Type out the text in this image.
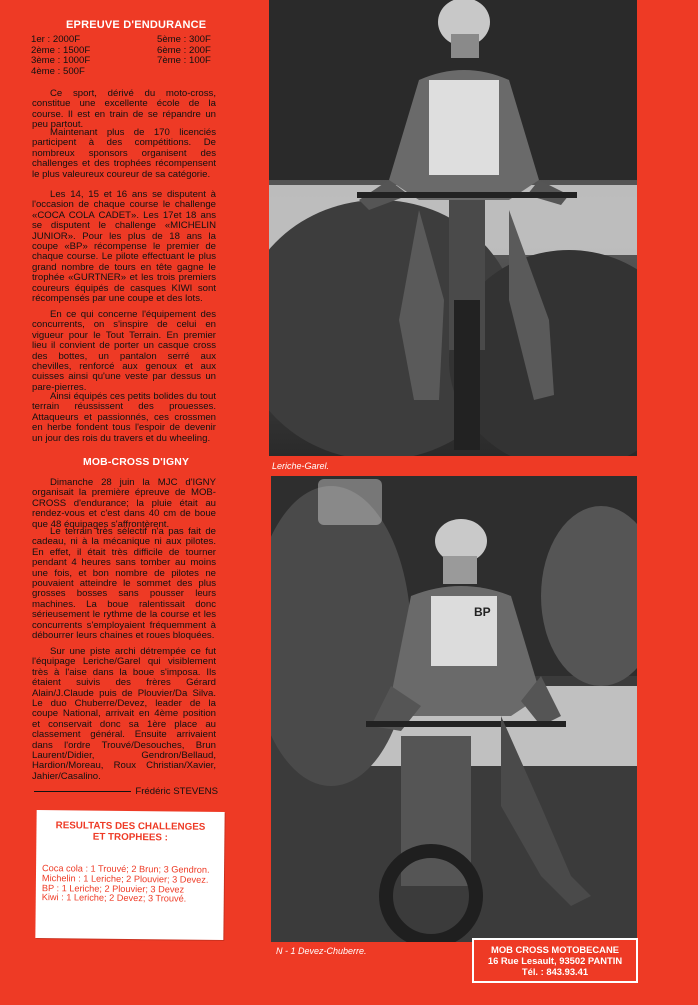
EPREUVE D'ENDURANCE
1er : 2000F
2ème : 1500F
3ème : 1000F
4ème : 500F
5ème : 300F
6ème : 200F
7ème : 100F

Ce sport, dérivé du moto-cross, constitue une excellente école de la course. Il est en train de se répandre un peu partout.

Maintenant plus de 170 licenciés participent à des compétitions. De nombreux sponsors organisent des challenges et des trophées récompensent le plus valeureux coureur de sa catégorie.

Les 14, 15 et 16 ans se disputent à l'occasion de chaque course le challenge «COCA COLA CADET». Les 17et 18 ans se disputent le challenge «MICHELIN JUNIOR». Pour les plus de 18 ans la coupe «BP» récompense le premier de chaque course. Le pilote effectuant le plus grand nombre de tours en tête gagne le trophée «GURTNER» et les trois premiers coureurs équipés de casques KIWI sont récompensés par une coupe et des lots.

En ce qui concerne l'équipement des concurrents, on s'inspire de celui en vigueur pour le Tout Terrain. En premier lieu il convient de porter un casque cross des bottes, un pantalon serré aux chevilles, renforcé aux genoux et aux cuisses ainsi qu'une veste par dessus un pare-pierres.

Ainsi équipés ces petits bolides du tout terrain réussissent des prouesses. Attaqueurs et passionnés, ces crossmen en herbe fondent tous l'espoir de devenir un jour des rois du travers et du wheeling.

MOB-CROSS D'IGNY

Dimanche 28 juin la MJC d'IGNY organisait la première épreuve de MOB-CROSS d'endurance; la pluie était au rendez-vous et c'est dans 40 cm de boue que 48 équipages s'affrontèrent.

Le terrain très sélectif n'a pas fait de cadeau, ni à la mécanique ni aux pilotes. En effet, il était très difficile de tourner pendant 4 heures sans tomber au moins une fois, et bon nombre de pilotes ne pouvaient atteindre le sommet des plus grosses bosses sans pousser leurs machines. La boue ralentissait donc sérieusement le rythme de la course et les concurrents s'employaient fréquemment à débourrer leurs chaines et roues bloquées.

Sur une piste archi détrempée ce fut l'équipage Leriche/Garel qui visiblement très à l'aise dans la boue s'imposa. Ils étaient suivis des frères Gérard Alain/J.Claude puis de Plouvier/Da Silva. Le duo Chuberre/Devez, leader de la coupe National, arrivait en 4ème position et conservait donc sa 1ère place au classement général. Ensuite arrivaient dans l'ordre Trouvé/Desouches, Brun Laurent/Didier, Gendron/Bellaud, Hardion/Moreau, Roux Christian/Xavier, Jahier/Casalino.

Frédéric STEVENS
RESULTATS DES CHALLENGES
ET TROPHEES :
Coca cola : 1 Trouvé; 2 Brun; 3 Gendron.
Michelin : 1 Leriche; 2 Plouvier; 3 Devez.
BP : 1 Leriche; 2 Plouvier; 3 Devez
Kiwi : 1 Leriche; 2 Devez; 3 Trouvé.
Leriche-Garel.
BP
N - 1 Devez-Chuberre.	MOB CROSS MOTOBECANE
16 Rue Lesault, 93502 PANTIN
Tél. : 843.93.41
